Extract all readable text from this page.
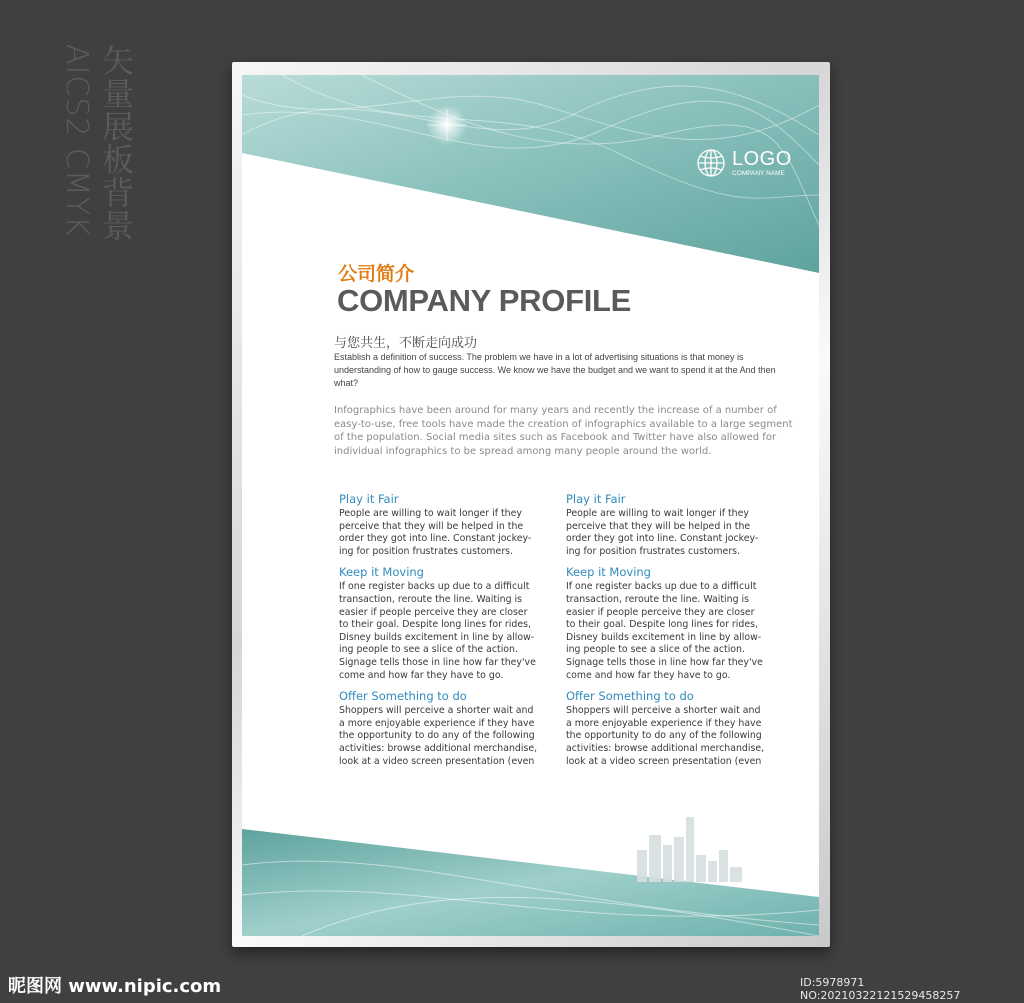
矢量展板背景
AICS2 CMYK	LOGO
COMPANY NAME
公司简介
COMPANY PROFILE
与您共生，不断走向成功

Establish a definition of success. The problem we have in a lot of advertising situations is that money is understanding of how to gauge success. We know we have the budget and we want to spend it at the And then what?

Infographics have been around for many years and recently the increase of a number of easy-to-use, free tools have made the creation of infographics available to a large segment of the population. Social media sites such as Facebook and Twitter have also allowed for individual infographics to be spread among many people around the world.

Play it Fair

People are willing to wait longer if they
perceive that they will be helped in the
order they got into line. Constant jockey-
ing for position frustrates customers.

Keep it Moving

If one register backs up due to a difficult
transaction, reroute the line. Waiting is
easier if people perceive they are closer
to their goal. Despite long lines for rides,
Disney builds excitement in line by allow-
ing people to see a slice of the action.
Signage tells those in line how far they've
come and how far they have to go.

Offer Something to do

Shoppers will perceive a shorter wait and
a more enjoyable experience if they have
the opportunity to do any of the following
activities: browse additional merchandise,
look at a video screen presentation (even

Play it Fair

People are willing to wait longer if they
perceive that they will be helped in the
order they got into line. Constant jockey-
ing for position frustrates customers.

Keep it Moving

If one register backs up due to a difficult
transaction, reroute the line. Waiting is
easier if people perceive they are closer
to their goal. Despite long lines for rides,
Disney builds excitement in line by allow-
ing people to see a slice of the action.
Signage tells those in line how far they've
come and how far they have to go.

Offer Something to do

Shoppers will perceive a shorter wait and
a more enjoyable experience if they have
the opportunity to do any of the following
activities: browse additional merchandise,
look at a video screen presentation (even

昵图网 www.nipic.com	ID:5978971 NO:20210322121529458257
